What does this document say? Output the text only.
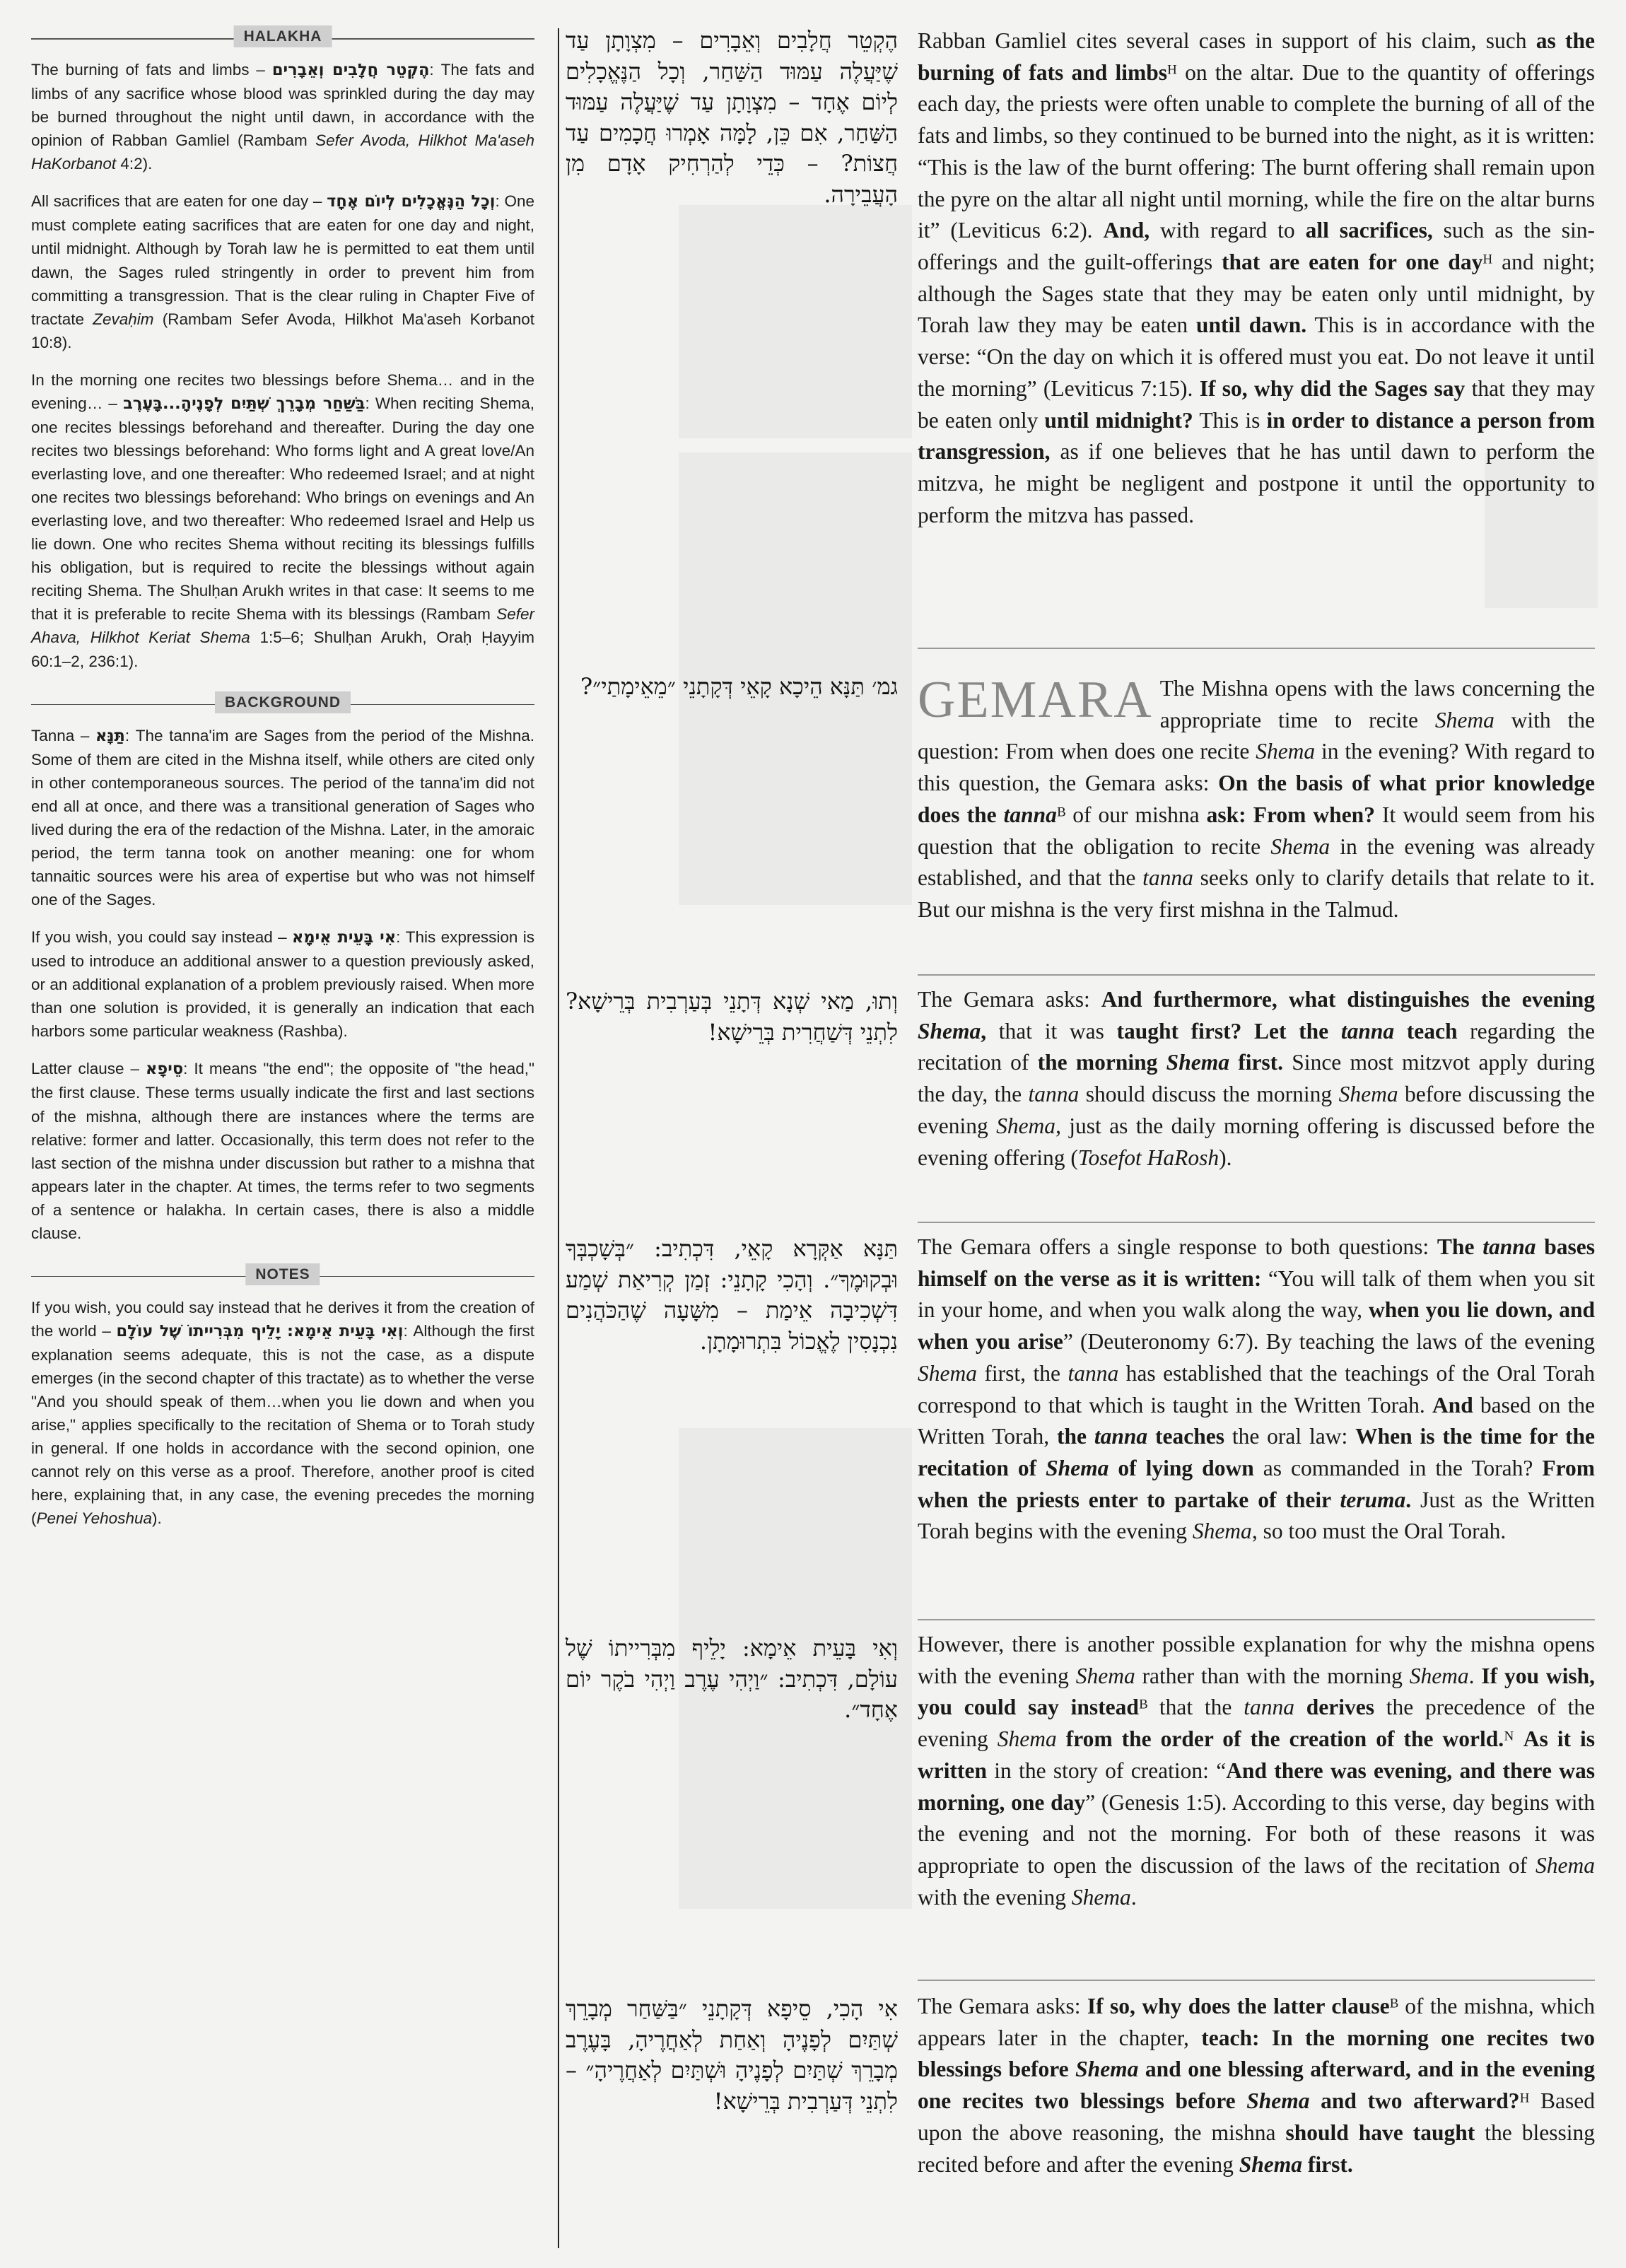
HALAKHA

The burning of fats and limbs – הֶקְטֵר חֲלָבִים וְאֵבָרִים: The fats and limbs of any sacrifice whose blood was sprinkled during the day may be burned throughout the night until dawn, in accordance with the opinion of Rabban Gamliel (Rambam Sefer Avoda, Hilkhot Ma'aseh HaKorbanot 4:2).

All sacrifices that are eaten for one day – וְכָל הַנֶּאֱכָלִים לְיוֹם אֶחָד: One must complete eating sacrifices that are eaten for one day and night, until midnight. Although by Torah law he is permitted to eat them until dawn, the Sages ruled stringently in order to prevent him from committing a transgression. That is the clear ruling in Chapter Five of tractate Zevaḥim (Rambam Sefer Avoda, Hilkhot Ma'aseh Korbanot 10:8).

In the morning one recites two blessings before Shema… and in the evening… – בַּשַּׁחַר מְבָרֵךְ שְׁתַּיִם לְפָנֶיהָ...בָּעֶרֶב: When reciting Shema, one recites blessings beforehand and thereafter. During the day one recites two blessings beforehand: Who forms light and A great love/An everlasting love, and one thereafter: Who redeemed Israel; and at night one recites two blessings beforehand: Who brings on evenings and An everlasting love, and two thereafter: Who redeemed Israel and Help us lie down. One who recites Shema without reciting its blessings fulfills his obligation, but is required to recite the blessings without again reciting Shema. The Shulḥan Arukh writes in that case: It seems to me that it is preferable to recite Shema with its blessings (Rambam Sefer Ahava, Hilkhot Keriat Shema 1:5–6; Shulḥan Arukh, Oraḥ Ḥayyim 60:1–2, 236:1).

BACKGROUND

Tanna – תַּנָּא: The tanna'im are Sages from the period of the Mishna. Some of them are cited in the Mishna itself, while others are cited only in other contemporaneous sources. The period of the tanna'im did not end all at once, and there was a transitional generation of Sages who lived during the era of the redaction of the Mishna. Later, in the amoraic period, the term tanna took on another meaning: one for whom tannaitic sources were his area of expertise but who was not himself one of the Sages.

If you wish, you could say instead – אִי בָּעֵית אֵימָא: This expression is used to introduce an additional answer to a question previously asked, or an additional explanation of a problem previously raised. When more than one solution is provided, it is generally an indication that each harbors some particular weakness (Rashba).

Latter clause – סֵיפָא: It means "the end"; the opposite of "the head," the first clause. These terms usually indicate the first and last sections of the mishna, although there are instances where the terms are relative: former and latter. Occasionally, this term does not refer to the last section of the mishna under discussion but rather to a mishna that appears later in the chapter. At times, the terms refer to two segments of a sentence or halakha. In certain cases, there is also a middle clause.

NOTES

If you wish, you could say instead that he derives it from the creation of the world – וְאִי בָּעֵית אֵימָא: יָלֵיף מִבְּרִייתוֹ שֶׁל עוֹלָם: Although the first explanation seems adequate, this is not the case, as a dispute emerges (in the second chapter of this tractate) as to whether the verse "And you should speak of them…when you lie down and when you arise," applies specifically to the recitation of Shema or to Torah study in general. If one holds in accordance with the second opinion, one cannot rely on this verse as a proof. Therefore, another proof is cited here, explaining that, in any case, the evening precedes the morning (Penei Yehoshua).

הֶקְטֵר חֲלָבִים וְאֵבָרִים – מִצְוָתָן עַד שֶׁיַּעֲלֶה עַמּוּד הַשַּׁחַר, וְכָל הַנֶּאֱכָלִים לְיוֹם אֶחָד – מִצְוָתָן עַד שֶׁיַּעֲלֶה עַמּוּד הַשַּׁחַר, אִם כֵּן, לָמָּה אָמְרוּ חֲכָמִים עַד חֲצוֹת? – כְּדֵי לְהַרְחִיק אָדָם מִן הָעֲבֵירָה.
גמ׳ תַּנָּא הֵיכָא קָאֵי דְּקָתָנֵי ״מֵאֵימָתַי״?
וְתוּ, מַאי שְׁנָא דְּתָנֵי בְּעַרְבִית בְּרֵישָׁא? לִתְנֵי דְּשַׁחֲרִית בְּרֵישָׁא!
תַּנָּא אַקְּרָא קָאֵי, דִּכְתִיב: ״בְּשָׁכְבְּךָ וּבְקוּמֶךָ״. וְהָכִי קָתָנֵי: זְמַן קְרִיאַת שְׁמַע דִּשְׁכִיבָה אֵימַת – מִשָּׁעָה שֶׁהַכֹּהֲנִים נִכְנָסִין לֶאֱכוֹל בִּתְרוּמָתָן.
וְאִי בָּעֵית אֵימָא: יָלֵיף מִבְּרִייתוֹ שֶׁל עוֹלָם, דִּכְתִיב: ״וַיְהִי עֶרֶב וַיְהִי בֹקֶר יוֹם אֶחָד״.
אִי הָכִי, סֵיפָא דְּקָתָנֵי ״בַּשַּׁחַר מְבָרֵךְ שְׁתַּיִם לְפָנֶיהָ וְאַחַת לְאַחֲרֶיהָ, בָּעֶרֶב מְבָרֵךְ שְׁתַּיִם לְפָנֶיהָ וּשְׁתַּיִם לְאַחֲרֶיהָ״ – לִתְנֵי דְּעַרְבִית בְּרֵישָׁא!

Rabban Gamliel cites several cases in support of his claim, such as the burning of fats and limbsᴴ on the altar. Due to the quantity of offerings each day, the priests were often unable to complete the burning of all of the fats and limbs, so they continued to be burned into the night, as it is written: “This is the law of the burnt offering: The burnt offering shall remain upon the pyre on the altar all night until morning, while the fire on the altar burns it” (Leviticus 6:2). And, with regard to all sacrifices, such as the sin-offerings and the guilt-offerings that are eaten for one dayᴴ and night; although the Sages state that they may be eaten only until midnight, by Torah law they may be eaten until dawn. This is in accordance with the verse: “On the day on which it is offered must you eat. Do not leave it until the morning” (Leviticus 7:15). If so, why did the Sages say that they may be eaten only until midnight? This is in order to distance a person from transgression, as if one believes that he has until dawn to perform the mitzva, he might be negligent and postpone it until the opportunity to perform the mitzva has passed.

GEMARA The Mishna opens with the laws concerning the appropriate time to recite Shema with the question: From when does one recite Shema in the evening? With regard to this question, the Gemara asks: On the basis of what prior knowledge does the tannaᴮ of our mishna ask: From when? It would seem from his question that the obligation to recite Shema in the evening was already established, and that the tanna seeks only to clarify details that relate to it. But our mishna is the very first mishna in the Talmud.

The Gemara asks: And furthermore, what distinguishes the evening Shema, that it was taught first? Let the tanna teach regarding the recitation of the morning Shema first. Since most mitzvot apply during the day, the tanna should discuss the morning Shema before discussing the evening Shema, just as the daily morning offering is discussed before the evening offering (Tosefot HaRosh).

The Gemara offers a single response to both questions: The tanna bases himself on the verse as it is written: “You will talk of them when you sit in your home, and when you walk along the way, when you lie down, and when you arise” (Deuteronomy 6:7). By teaching the laws of the evening Shema first, the tanna has established that the teachings of the Oral Torah correspond to that which is taught in the Written Torah. And based on the Written Torah, the tanna teaches the oral law: When is the time for the recitation of Shema of lying down as commanded in the Torah? From when the priests enter to partake of their teruma. Just as the Written Torah begins with the evening Shema, so too must the Oral Torah.

However, there is another possible explanation for why the mishna opens with the evening Shema rather than with the morning Shema. If you wish, you could say insteadᴮ that the tanna derives the precedence of the evening Shema from the order of the creation of the world.ᴺ As it is written in the story of creation: “And there was evening, and there was morning, one day” (Genesis 1:5). According to this verse, day begins with the evening and not the morning. For both of these reasons it was appropriate to open the discussion of the laws of the recitation of Shema with the evening Shema.

The Gemara asks: If so, why does the latter clauseᴮ of the mishna, which appears later in the chapter, teach: In the morning one recites two blessings before Shema and one blessing afterward, and in the evening one recites two blessings before Shema and two afterward?ᴴ Based upon the above reasoning, the mishna should have taught the blessing recited before and after the evening Shema first.
